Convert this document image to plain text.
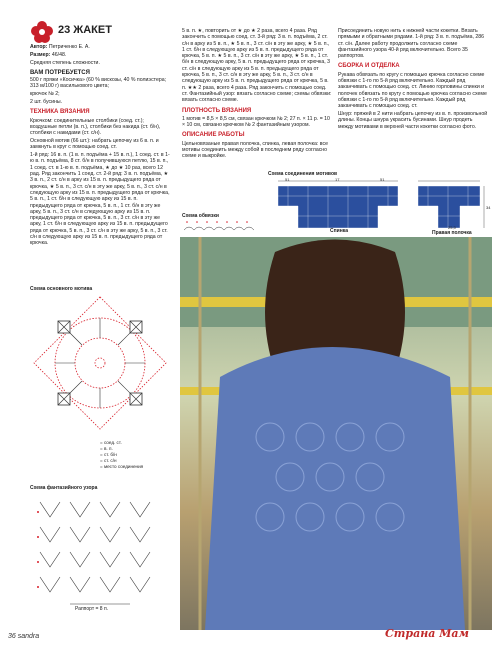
23 ЖАКЕТ

Автор: Петриченко Е. А.

Размер: 46/48.

Средняя степень сложности.

ВАМ ПОТРЕБУЕТСЯ

500 г пряжи «Косичка» (60 % вискозы, 40 % полиэстера; 313 м/100 г) василькового цвета;

крючок № 2;

2 шт. бусины.

ТЕХНИКА ВЯЗАНИЯ

Крючком: соединительные столбики (соед. ст.); воздушные петли (в. п.), столбики без накида (ст. б/н), столбики с накидами (ст. с/н).

Основной мотив (66 шт.): набрать цепочку из 6 в. п. и замкнуть в круг с помощью соед. ст.

1-й ряд: 16 в. п. (1 в. п. подъёма + 15 в. п.), 1 соед. ст. в 1-ю в. п. подъёма, 8 ст. б/н в получившуюся петлю, 15 в. п., 1 соед. ст. в 1-ю в. п. подъёма, ★ до ★ 10 раз, всего 12 рад. Ряд закончить 1 соед. ст. 2-й ряд: 3 в. п. подъёма, ★ 3 в. п., 2 ст. с/н в арку из 15 в. п. предыдущего ряда от крючка, ★ 5 в. п., 3 ст. с/н в эту же арку, 5 в. п., 3 ст. с/н в следующую арку из 15 в. п. предыдущего ряда от крючка, 5 в. п., 1 ст. б/н в следующую арку из 15 в. п. предыдущего ряда от крючка, 5 в. п., 1 ст. б/н в эту же арку, 5 в. п., 3 ст. с/н в следующую арку из 15 в. п. предыдущего ряда от крючка, 5 в. п., 3 ст. с/н в эту же арку, 1 ст. б/н в следующую арку из 15 в. п. предыдущего ряда от крючка, 5 в. п., 3 ст. с/н в эту же арку, 5 в. п., 3 ст. с/н в следующую арку из 15 в. п. предыдущего ряда от крючка.

Схема основного мотива
= соед. ст.
= в. п.
= ст. б/н
= ст. с/н
= место соединения
Схема фантазийного узора
Раппорт = 8 п.

5 в. п. ★, повторить от ★ до ★ 2 раза, всего 4 раза. Ряд закончить с помощью соед. ст. 3-й ряд: 3 в. п. подъёма, 2 ст. с/н в арку из 5 в. п., ★ 5 в. п., 3 ст. с/н в эту же арку, ★ 5 в. п., 1 ст. б/н в следующую арку из 5 в. п. предыдущего ряда от крючка, 5 в. п. ★ 5 в. п., 3 ст. с/н в эту же арку, ★ 5 в. п., 1 ст. б/н в следующую арку, 5 в. п. предыдущего ряда от крючка, 3 ст. с/н в следующую арку из 5 в. п. предыдущего ряда от крючка, 5 в. п., 3 ст. с/н в эту же арку, 5 в. п., 3 ст. с/н в следующую арку из 5 в. п. предыдущего ряда от крючка, 5 в. п. ★★ 2 раза, всего 4 раза. Ряд закончить с помощью соед. ст. Фантазийный узор: вязать согласно схеме; схемы обвязки: вязать согласно схеме.

ПЛОТНОСТЬ ВЯЗАНИЯ

1 мотив = 8,5 × 8,5 см, связан крючком № 2; 27 п. × 11 р. = 10 × 10 см, связано крючком № 2 фантазийным узором.

ОПИСАНИЕ РАБОТЫ

Цельновязаные правая полочка, спинка, левая полочка: все мотивы соединить между собой в последнем ряду согласно схеме и выкройке.

Схема обвязки

Присоединить новую нить к нижней части кокетки. Вязать прямыми и обратными рядами. 1-й ряд: 3 в. п. подъёма, 286 ст. с/н. Далее работу продолжить согласно схеме фантазийного узора 40-й ряд включительно. Всего 35 раппортов.

СБОРКА И ОТДЕЛКА

Рукава обвязать по кругу с помощью крючка согласно схеме обвязки с 1-го по 5-й ряд включительно. Каждый ряд заканчивать с помощью соед. ст. Линию горловины спинки и полочек обвязать по кругу с помощью крючка согласно схеме обвязки с 1-го по 5-й ряд включительно. Каждый ряд заканчивать с помощью соед. ст.

Шнур: пряжей в 2 нити набрать цепочку из в. п. произвольной длины. Концы шнура украсить бусинами. Шнур продеть между мотивами в верхней части кокетки согласно фото.

Схема соединения мотивов
51	17	51
34
25,5
Спинка	Правая полочка
36 sandra	Страна Мам
